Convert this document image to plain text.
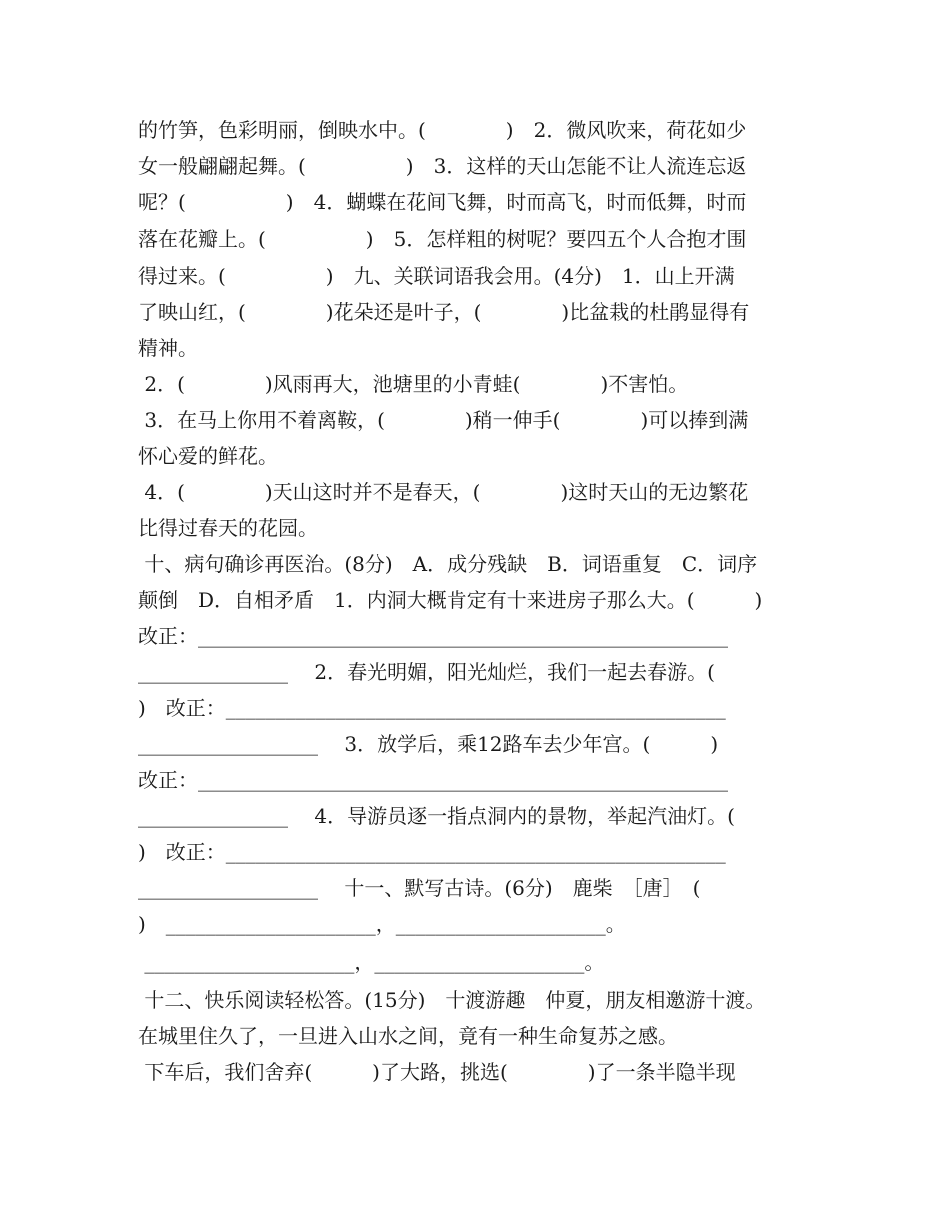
的竹笋，色彩明丽，倒映水中。(　　　　)　2．微风吹来，荷花如少
女一般翩翩起舞。(　　　　　)　3．这样的天山怎能不让人流连忘返
呢？(　　　　　)　4．蝴蝶在花间飞舞，时而高飞，时而低舞，时而
落在花瓣上。(　　　　　)　5．怎样粗的树呢？要四五个人合抱才围
得过来。(　　　　　)　九、关联词语我会用。(4分)　1．山上开满
了映山红，(　　　　)花朵还是叶子，(　　　　)比盆栽的杜鹃显得有
精神。
2．(　　　　)风雨再大，池塘里的小青蛙(　　　　)不害怕。
3．在马上你用不着离鞍，(　　　　)稍一伸手(　　　　)可以捧到满
怀心爱的鲜花。
4．(　　　　)天山这时并不是春天，(　　　　)这时天山的无边繁花
比得过春天的花园。
十、病句确诊再医治。(8分)　A．成分残缺　B．词语重复　C．词序
颠倒　D．自相矛盾　1．内洞大概肯定有十来进房子那么大。(　　　)
改正：_____________________________________________________
_______________　 2．春光明媚，阳光灿烂，我们一起去春游。(
)　改正：__________________________________________________
__________________　 3．放学后，乘12路车去少年宫。(　　　)
改正：_____________________________________________________
_______________　 4．导游员逐一指点洞内的景物，举起汽油灯。(
)　改正：__________________________________________________
__________________　 十一、默写古诗。(6分)　鹿柴　［唐］　(
)　_____________________，_____________________。
_____________________，_____________________。
十二、快乐阅读轻松答。(15分)　十渡游趣　仲夏，朋友相邀游十渡。
在城里住久了，一旦进入山水之间，竟有一种生命复苏之感。
下车后，我们舍弃(　　　)了大路，挑选(　　　　)了一条半隐半现
